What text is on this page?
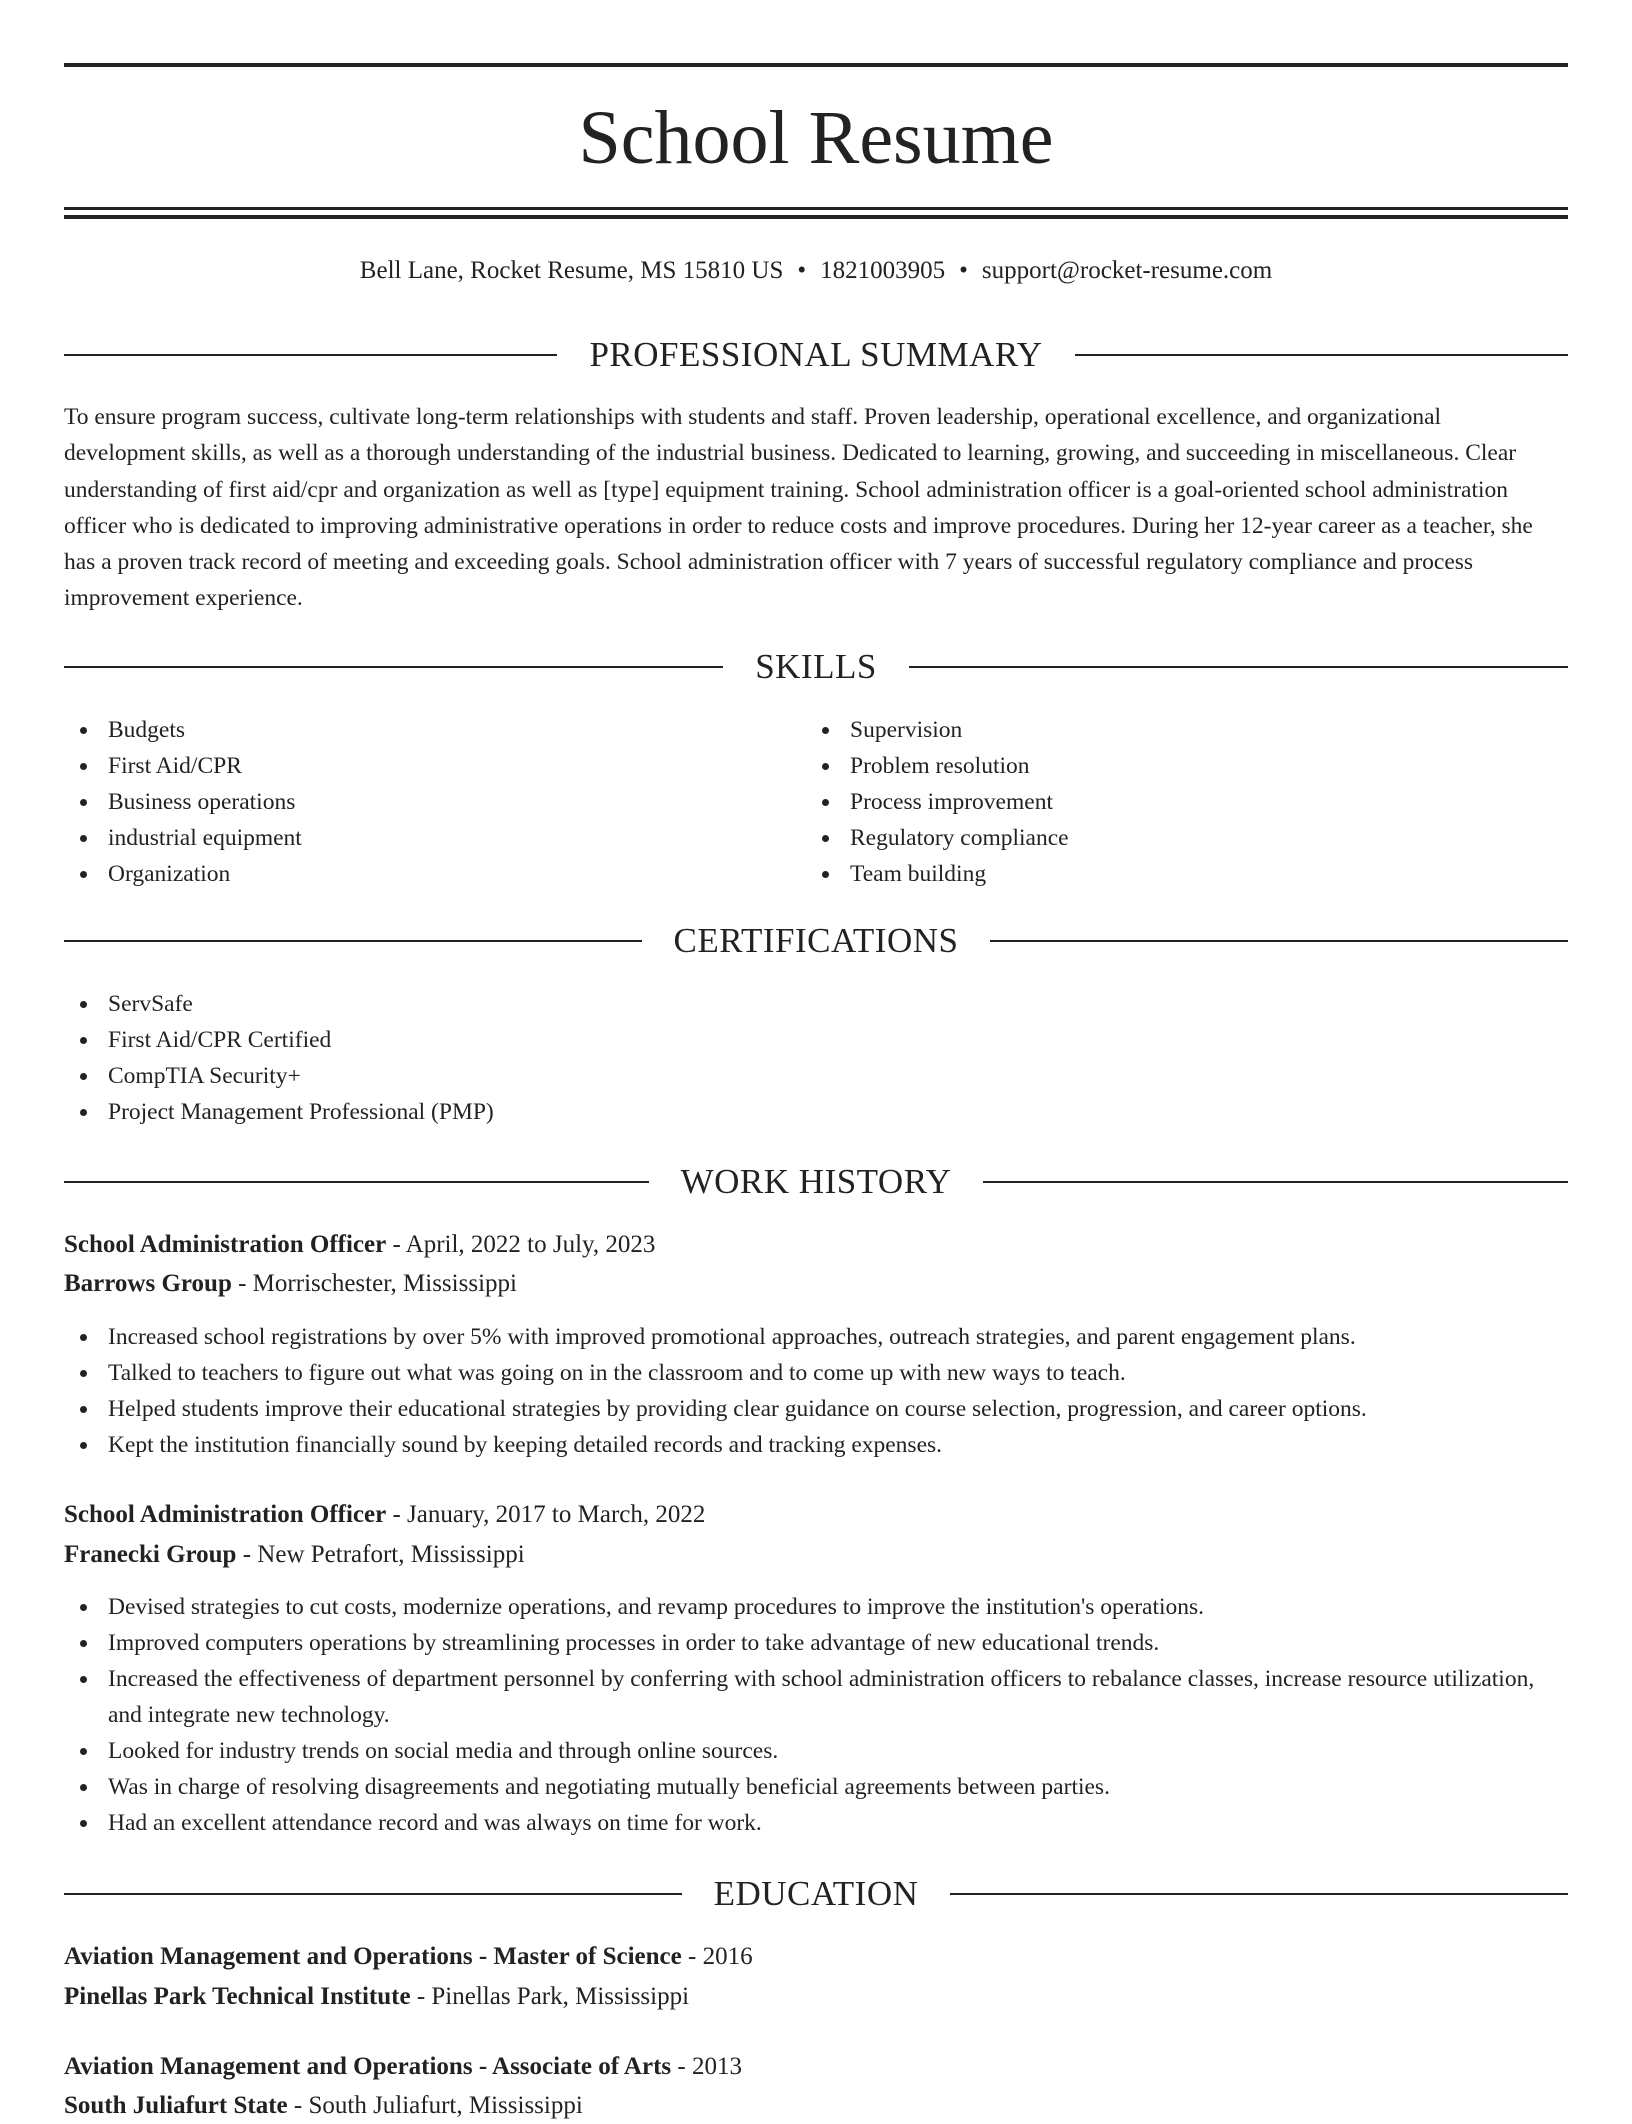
School Resume
Bell Lane, Rocket Resume, MS 15810 US • 1821003905 • support@rocket-resume.com
PROFESSIONAL SUMMARY

To ensure program success, cultivate long-term relationships with students and staff. Proven leadership, operational excellence, and organizational development skills, as well as a thorough understanding of the industrial business. Dedicated to learning, growing, and succeeding in miscellaneous. Clear understanding of first aid/cpr and organization as well as [type] equipment training. School administration officer is a goal-oriented school administration officer who is dedicated to improving administrative operations in order to reduce costs and improve procedures. During her 12-year career as a teacher, she has a proven track record of meeting and exceeding goals. School administration officer with 7 years of successful regulatory compliance and process improvement experience.

SKILLS
Budgets
First Aid/CPR
Business operations
industrial equipment
Organization
Supervision
Problem resolution
Process improvement
Regulatory compliance
Team building
CERTIFICATIONS
ServSafe
First Aid/CPR Certified
CompTIA Security+
Project Management Professional (PMP)
WORK HISTORY
School Administration Officer - April, 2022 to July, 2023
Barrows Group - Morrischester, Mississippi
Increased school registrations by over 5% with improved promotional approaches, outreach strategies, and parent engagement plans.
Talked to teachers to figure out what was going on in the classroom and to come up with new ways to teach.
Helped students improve their educational strategies by providing clear guidance on course selection, progression, and career options.
Kept the institution financially sound by keeping detailed records and tracking expenses.
School Administration Officer - January, 2017 to March, 2022
Franecki Group - New Petrafort, Mississippi
Devised strategies to cut costs, modernize operations, and revamp procedures to improve the institution's operations.
Improved computers operations by streamlining processes in order to take advantage of new educational trends.
Increased the effectiveness of department personnel by conferring with school administration officers to rebalance classes, increase resource utilization, and integrate new technology.
Looked for industry trends on social media and through online sources.
Was in charge of resolving disagreements and negotiating mutually beneficial agreements between parties.
Had an excellent attendance record and was always on time for work.
EDUCATION
Aviation Management and Operations - Master of Science - 2016
Pinellas Park Technical Institute - Pinellas Park, Mississippi
Aviation Management and Operations - Associate of Arts - 2013
South Juliafurt State - South Juliafurt, Mississippi
